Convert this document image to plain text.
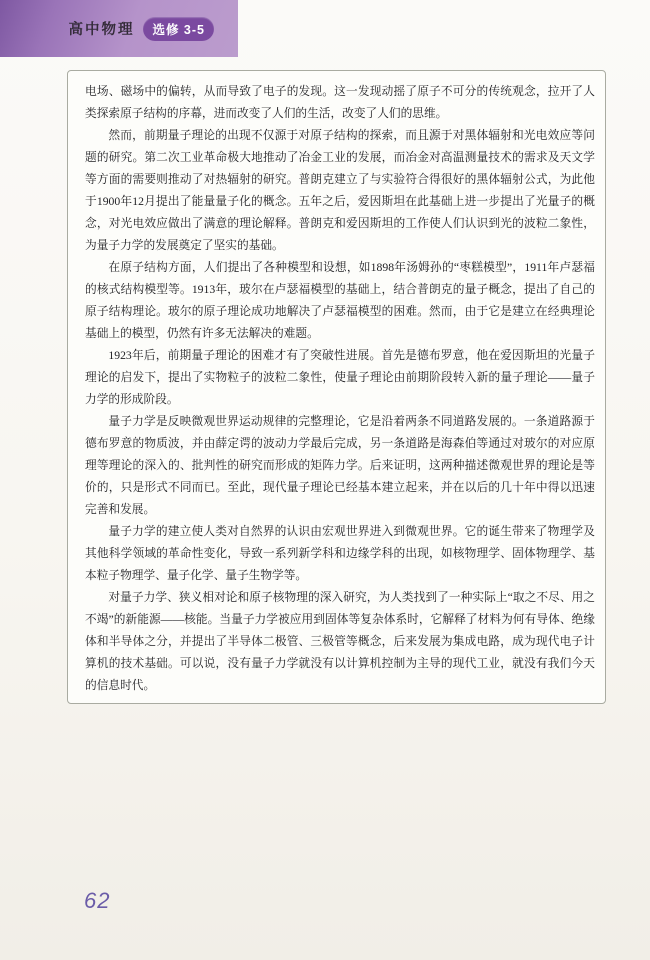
高中物理 选修 3-5

电场、磁场中的偏转，从而导致了电子的发现。这一发现动摇了原子不可分的传统观念，拉开了人类探索原子结构的序幕，进而改变了人们的生活，改变了人们的思维。

然而，前期量子理论的出现不仅源于对原子结构的探索，而且源于对黑体辐射和光电效应等问题的研究。第二次工业革命极大地推动了冶金工业的发展，而冶金对高温测量技术的需求及天文学等方面的需要则推动了对热辐射的研究。普朗克建立了与实验符合得很好的黑体辐射公式，为此他于1900年12月提出了能量量子化的概念。五年之后，爱因斯坦在此基础上进一步提出了光量子的概念，对光电效应做出了满意的理论解释。普朗克和爱因斯坦的工作使人们认识到光的波粒二象性，为量子力学的发展奠定了坚实的基础。

在原子结构方面，人们提出了各种模型和设想，如1898年汤姆孙的“枣糕模型”，1911年卢瑟福的核式结构模型等。1913年，玻尔在卢瑟福模型的基础上，结合普朗克的量子概念，提出了自己的原子结构理论。玻尔的原子理论成功地解决了卢瑟福模型的困难。然而，由于它是建立在经典理论基础上的模型，仍然有许多无法解决的难题。

1923年后，前期量子理论的困难才有了突破性进展。首先是德布罗意，他在爱因斯坦的光量子理论的启发下，提出了实物粒子的波粒二象性，使量子理论由前期阶段转入新的量子理论——量子力学的形成阶段。

量子力学是反映微观世界运动规律的完整理论，它是沿着两条不同道路发展的。一条道路源于德布罗意的物质波，并由薛定谔的波动力学最后完成，另一条道路是海森伯等通过对玻尔的对应原理等理论的深入的、批判性的研究而形成的矩阵力学。后来证明，这两种描述微观世界的理论是等价的，只是形式不同而已。至此，现代量子理论已经基本建立起来，并在以后的几十年中得以迅速完善和发展。

量子力学的建立使人类对自然界的认识由宏观世界进入到微观世界。它的诞生带来了物理学及其他科学领域的革命性变化，导致一系列新学科和边缘学科的出现，如核物理学、固体物理学、基本粒子物理学、量子化学、量子生物学等。

对量子力学、狭义相对论和原子核物理的深入研究，为人类找到了一种实际上“取之不尽、用之不竭”的新能源——核能。当量子力学被应用到固体等复杂体系时，它解释了材料为何有导体、绝缘体和半导体之分，并提出了半导体二极管、三极管等概念，后来发展为集成电路，成为现代电子计算机的技术基础。可以说，没有量子力学就没有以计算机控制为主导的现代工业，就没有我们今天的信息时代。

62
